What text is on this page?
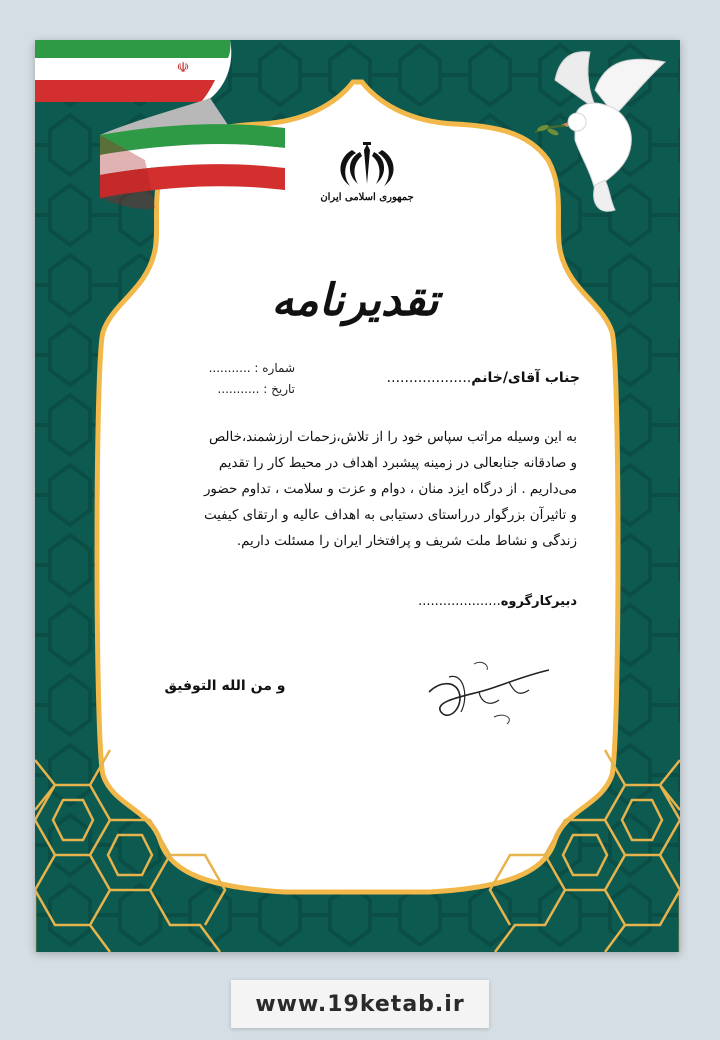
☫
جمهوری اسلامی ایران
تقدیرنامه
جناب آقای/خانم...................
شماره : ...........
تاریخ : ...........
به این وسیله مراتب سپاس خود را از تلاش،زحمات ارزشمند،خالص
و صادقانه جنابعالی در زمینه پیشبرد اهداف در محیط کار را تقدیم
می‌داریم . از درگاه ایزد منان ، دوام و عزت و سلامت ، تداوم حضور
و تاثیرآن بزرگوار درراستای دستیابی به اهداف عالیه و ارتقای کیفیت
زندگی و نشاط ملت شریف و پرافتخار ایران را مسئلت داریم.
دبیرکارگروه....................
و من الله التوفیق
www.19ketab.ir
